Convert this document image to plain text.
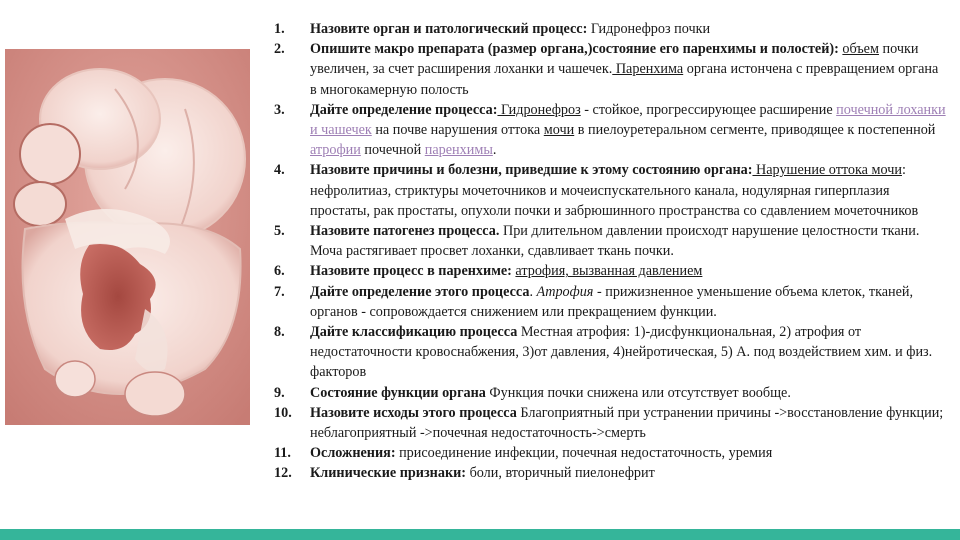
1.	Назовите орган и патологический процесс: Гидронефроз почки
2.	Опишите макро препарата (размер органа,)состояние его паренхимы и полостей): объем почки увеличен, за счет расширения лоханки и чашечек. Паренхима органа истончена с превращением органа в многокамерную полость
3.	Дайте определение процесса: Гидронефроз - стойкое, прогрессирующее расширение почечной лоханки и чашечек на почве нарушения оттока мочи в пиелоуретеральном сегменте, приводящее к постепенной атрофии почечной паренхимы.
4.	Назовите причины и болезни, приведшие к этому состоянию органа: Нарушение оттока мочи: нефролитиаз, стриктуры мочеточников и мочеиспускательного канала, нодулярная гиперплазия простаты, рак простаты, опухоли почки и забрюшинного пространства со сдавлением мочеточников
5.	Назовите патогенез процесса. При длительном давлении происходт нарушение целостности ткани. Моча растягивает просвет лоханки, сдавливает ткань почки.
6.	Назовите процесс в паренхиме: атрофия, вызванная давлением
7.	Дайте определение этого процесса. Атрофия - прижизненное уменьшение объема клеток, тканей, органов - сопровождается снижением или прекращением функции.
8.	Дайте классификацию процесса Местная атрофия: 1)-дисфункциональная, 2) атрофия от недостаточности кровоснабжения, 3)от давления, 4)нейротическая, 5) А. под воздействием хим. и физ. факторов
9.	Состояние функции органа Функция почки снижена или отсутствует вообще.
10.	Назовите исходы этого процесса Благоприятный при устранении причины ->восстановление функции; неблагоприятный ->почечная недостаточность->смерть
11.	Осложнения: присоединение инфекции, почечная недостаточность, уремия
12.	Клинические признаки: боли, вторичный пиелонефрит
